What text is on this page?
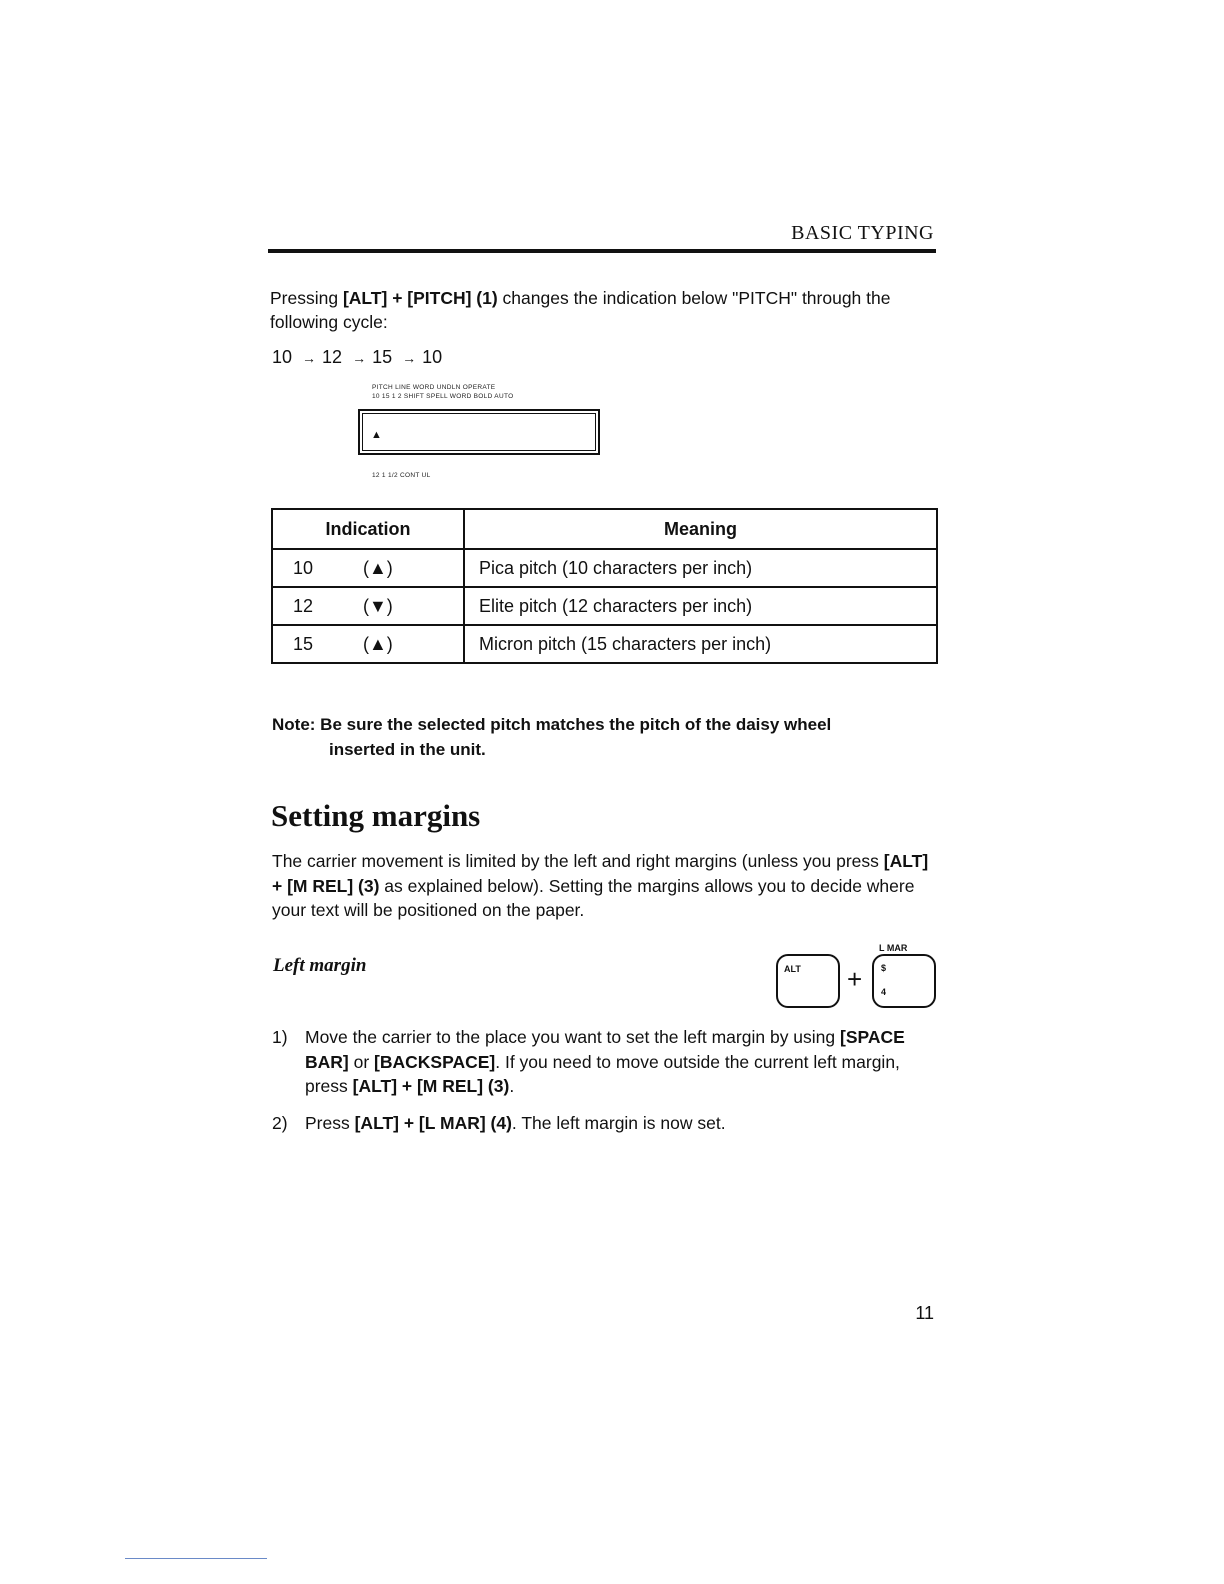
BASIC TYPING
Pressing [ALT] + [PITCH] (1) changes the indication below "PITCH" through the following cycle:
10 → 12 → 15 → 10
PITCH LINE WORD UNDLN OPERATE
10 15 1 2 SHIFT SPELL WORD BOLD AUTO
▲
12 1 1/2 CONT UL
Indication	Meaning
10 (▲)	Pica pitch (10 characters per inch)
12 (▼)	Elite pitch (12 characters per inch)
15 (▲)	Micron pitch (15 characters per inch)
Note: Be sure the selected pitch matches the pitch of the daisy wheel
inserted in the unit.
Setting margins
The carrier movement is limited by the left and right margins (unless you press [ALT] + [M REL] (3) as explained below). Setting the margins allows you to decide where your text will be positioned on the paper.
Left margin	ALT +
L MAR
$
4
1) Move the carrier to the place you want to set the left margin by using [SPACE BAR] or [BACKSPACE]. If you need to move outside the current left margin, press [ALT] + [M REL] (3).
2) Press [ALT] + [L MAR] (4). The left margin is now set.
11
